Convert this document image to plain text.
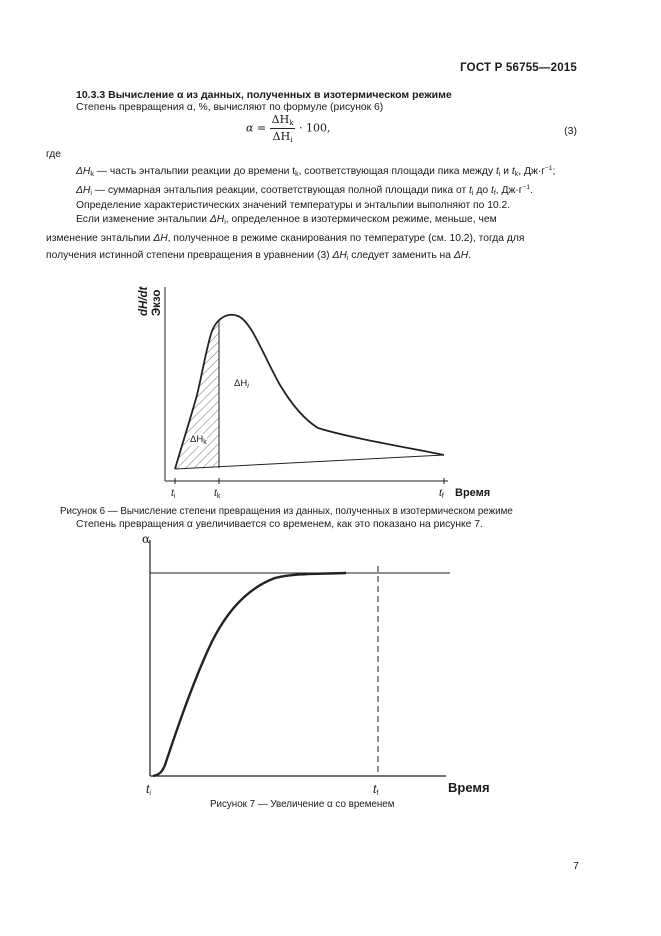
ГОСТ Р 56755—2015
10.3.3 Вычисление α из данных, полученных в изотермическом режиме
Степень превращения α, %, вычисляют по формуле (рисунок 6)
$\alpha = \frac{\Delta H_k}{\Delta H_i} \cdot 100$,	(3)
где
$\Delta H_k$ — часть энтальпии реакции до времени $t_k$, соответствующая площади пика между $t_i$ и $t_k$, $Дж\cdot г^{-1}$;
$\Delta H_i$ — суммарная энтальпия реакции, соответствующая полной площади пика от $t_i$ до $t_f$, $Дж\cdot г^{-1}$.
Определение характеристических значений температуры и энтальпии выполняют по 10.2.
Если изменение энтальпии $\Delta H_i$, определенное в изотермическом режиме, меньше, чем
изменение энтальпии ΔH, полученное в режиме сканирования по температуре (см. 10.2), тогда для
получения истинной степени превращения в уравнении (3) $\Delta H_i$ следует заменить на ΔH.
dH/dt Экзо
$\Delta H_i$
$\Delta H_k$
$t_i$	$t_k$	$t_f$ Время
Рисунок 6 — Вычисление степени превращения из данных, полученных в изотермическом режиме
Степень превращения α увеличивается со временем, как это показано на рисунке 7.
α
$t_i$	$t_f$	Время
Рисунок 7 — Увеличение α со временем
7
